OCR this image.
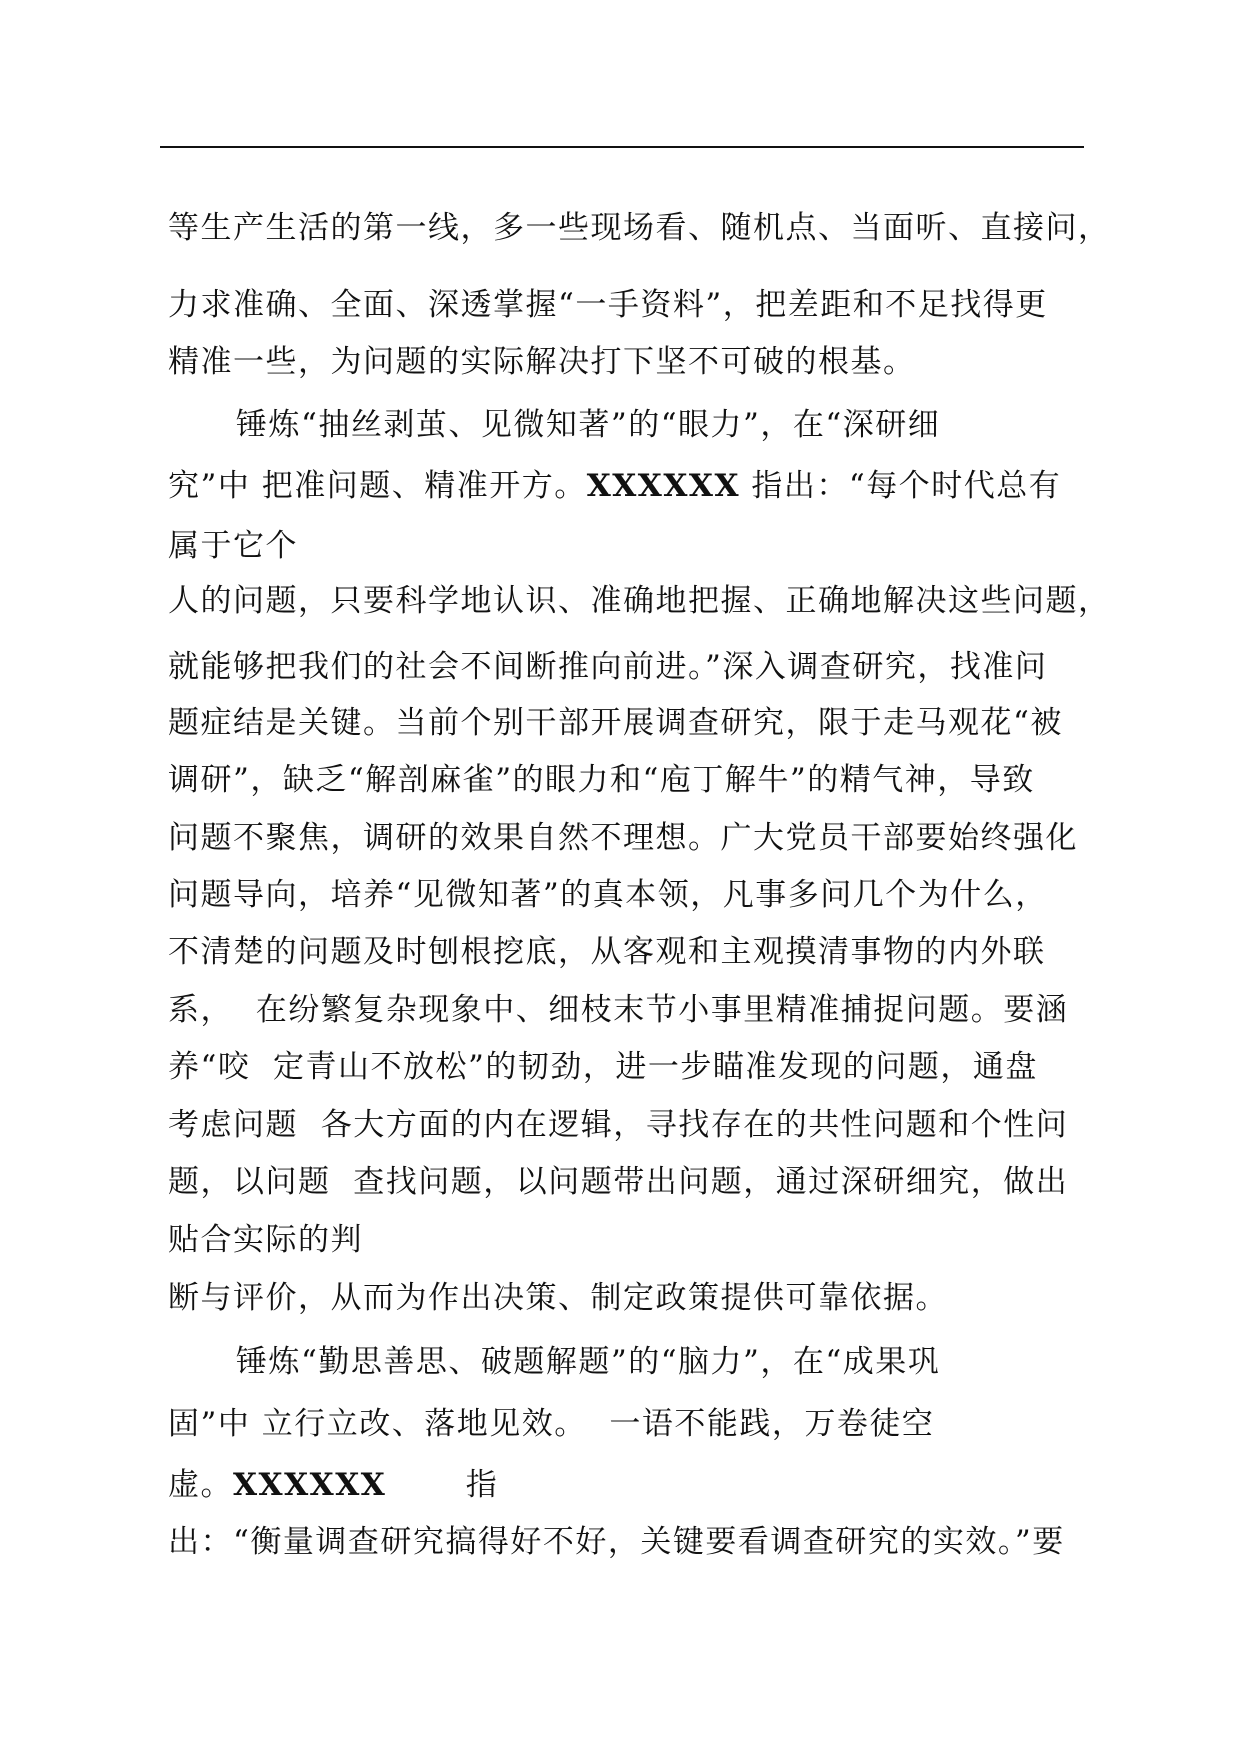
等生产生活的第一线，多一些现场看、随机点、当面听、直接问，
力求准确、全面、深透掌握“一手资料”，把差距和不足找得更
精准一些，为问题的实际解决打下坚不可破的根基。
锤炼“抽丝剥茧、见微知著”的“眼力”，在“深研细
究”中 把准问题、精准开方。XXXXXX 指出：“每个时代总有
属于它个
人的问题，只要科学地认识、准确地把握、正确地解决这些问题，
就能够把我们的社会不间断推向前进。”深入调查研究，找准问
题症结是关键。当前个别干部开展调查研究，限于走马观花“被
调研”，缺乏“解剖麻雀”的眼力和“庖丁解牛”的精气神，导致
问题不聚焦，调研的效果自然不理想。广大党员干部要始终强化
问题导向，培养“见微知著”的真本领，凡事多问几个为什么，
不清楚的问题及时刨根挖底，从客观和主观摸清事物的内外联
系，  在纷繁复杂现象中、细枝末节小事里精准捕捉问题。要涵
养“咬  定青山不放松”的韧劲，进一步瞄准发现的问题，通盘
考虑问题  各大方面的内在逻辑，寻找存在的共性问题和个性问
题，以问题  查找问题，以问题带出问题，通过深研细究，做出
贴合实际的判
断与评价，从而为作出决策、制定政策提供可靠依据。
锤炼“勤思善思、破题解题”的“脑力”，在“成果巩
固”中 立行立改、落地见效。  一语不能践，万卷徒空
虚。XXXXXX       指
出：“衡量调查研究搞得好不好，关键要看调查研究的实效。”要
